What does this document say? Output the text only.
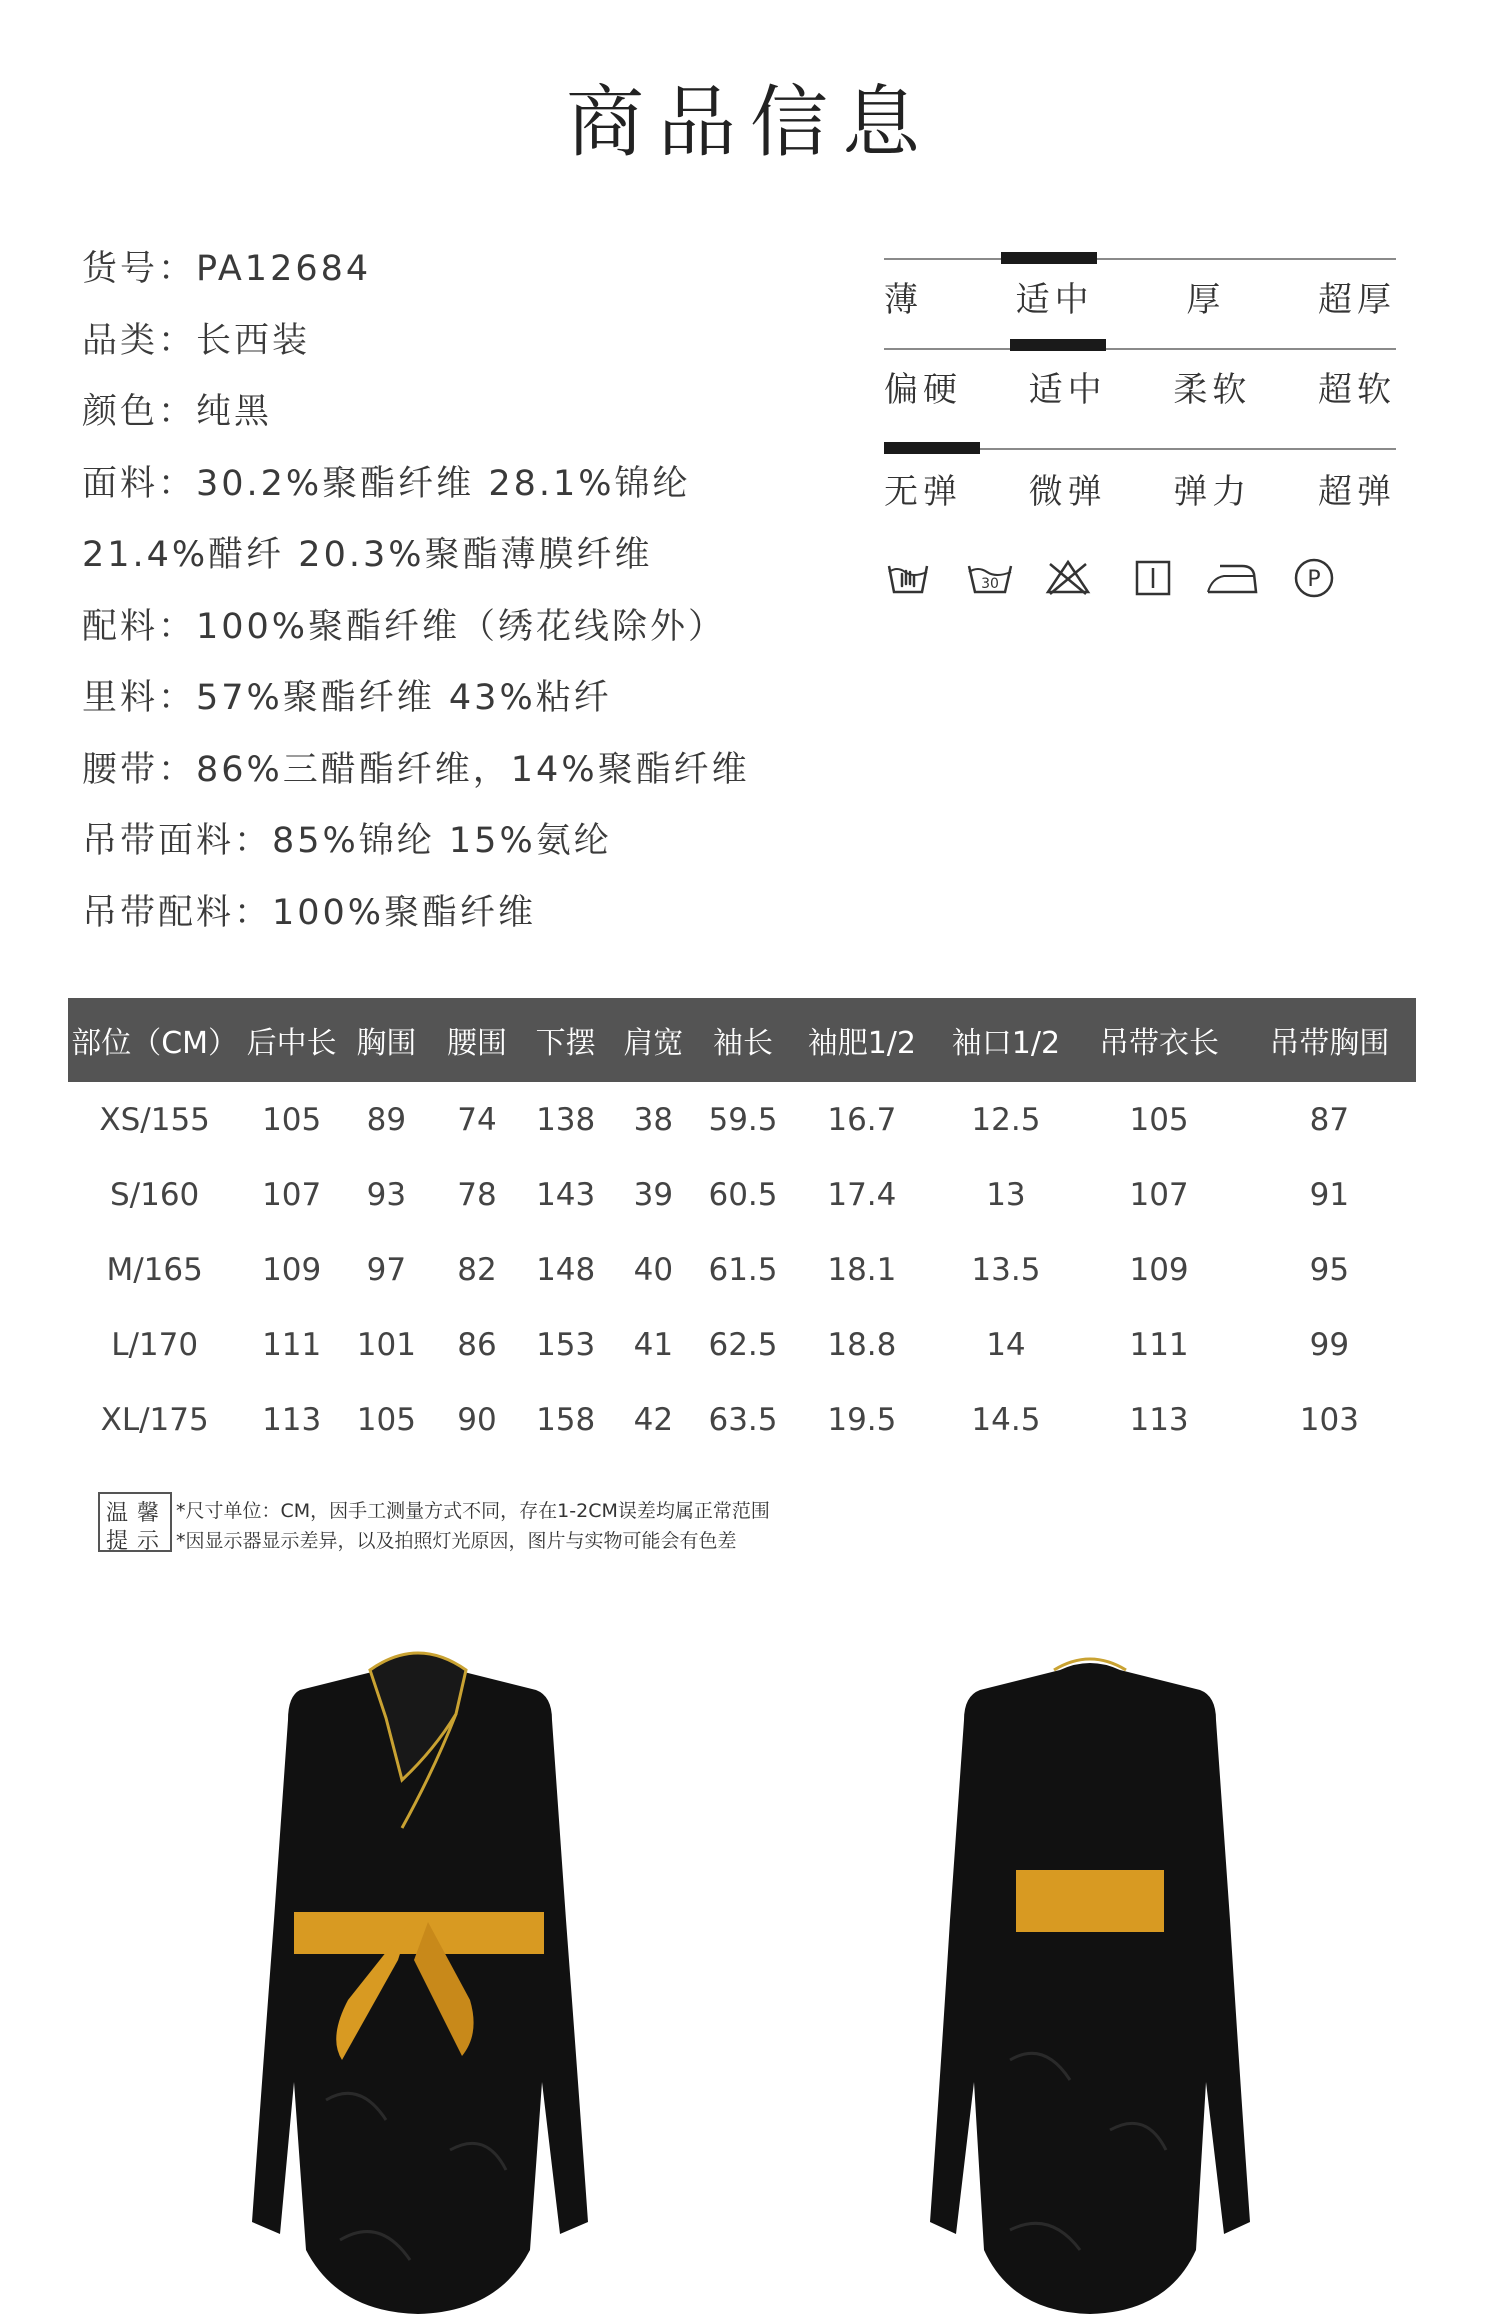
商品信息
货号：PA12684
品类：长西装
颜色：纯黑
面料：30.2%聚酯纤维 28.1%锦纶
21.4%醋纤 20.3%聚酯薄膜纤维
配料：100%聚酯纤维（绣花线除外）
里料：57%聚酯纤维 43%粘纤
腰带：86%三醋酯纤维，14%聚酯纤维
吊带面料：85%锦纶 15%氨纶
吊带配料：100%聚酯纤维
薄	适中	厚	超厚
偏硬 适中 柔软 超软
无弹 微弹 弹力 超弹
30	P
部位（CM）	后中长	胸围	腰围	下摆	肩宽	袖长	袖肥1/2	袖口1/2	吊带衣长	吊带胸围
XS/155	105	89	74	138	38	59.5	16.7	12.5	105	87
S/160	107	93	78	143	39	60.5	17.4	13	107	91
M/165	109	97	82	148	40	61.5	18.1	13.5	109	95
L/170	111	101	86	153	41	62.5	18.8	14	111	99
XL/175	113	105	90	158	42	63.5	19.5	14.5	113	103
温馨
提示
*尺寸单位：CM，因手工测量方式不同，存在1-2CM误差均属正常范围
*因显示器显示差异，以及拍照灯光原因，图片与实物可能会有色差
